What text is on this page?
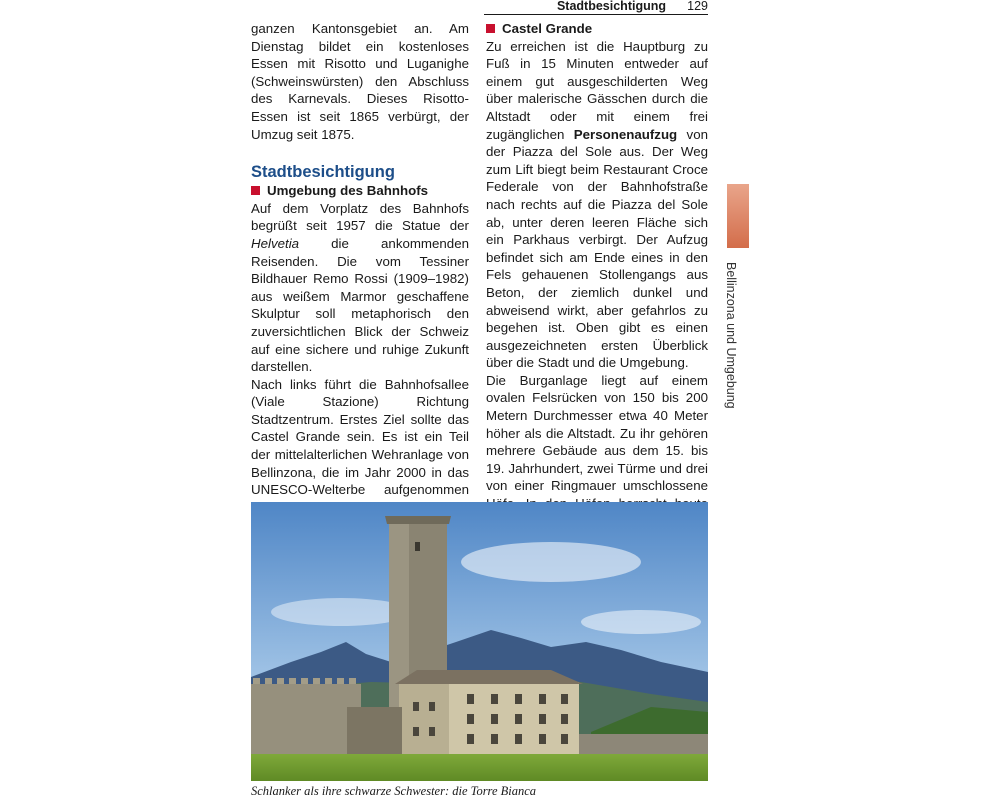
Stadtbesichtigung 129

ganzen Kantonsgebiet an. Am Dienstag bildet ein kostenloses Essen mit Risotto und Luganighe (Schweinswürsten) den Abschluss des Karnevals. Dieses Risotto-Essen ist seit 1865 verbürgt, der Umzug seit 1875.

Stadtbesichtigung
Umgebung des Bahnhofs

Auf dem Vorplatz des Bahnhofs begrüßt seit 1957 die Statue der Helvetia die ankommenden Reisenden. Die vom Tessiner Bildhauer Remo Rossi (1909–1982) aus weißem Marmor geschaffene Skulptur soll metaphorisch den zuversichtlichen Blick der Schweiz auf eine sichere und ruhige Zukunft darstellen.

Nach links führt die Bahnhofsallee (Viale Stazione) Richtung Stadtzentrum. Erstes Ziel sollte das Castel Grande sein. Es ist ein Teil der mittelalterlichen Wehranlage von Bellinzona, die im Jahr 2000 in das UNESCO-Welterbe aufgenommen

Castel Grande

Zu erreichen ist die Hauptburg zu Fuß in 15 Minuten entweder auf einem gut ausgeschilderten Weg über malerische Gässchen durch die Altstadt oder mit einem frei zugänglichen Personenaufzug von der Piazza del Sole aus. Der Weg zum Lift biegt beim Restaurant Croce Federale von der Bahnhofstraße nach rechts auf die Piazza del Sole ab, unter deren leeren Fläche sich ein Parkhaus verbirgt. Der Aufzug befindet sich am Ende eines in den Fels gehauenen Stollengangs aus Beton, der ziemlich dunkel und abweisend wirkt, aber gefahrlos zu begehen ist. Oben gibt es einen ausgezeichneten ersten Überblick über die Stadt und die Umgebung.

Die Burganlage liegt auf einem ovalen Felsrücken von 150 bis 200 Metern Durchmesser etwa 40 Meter höher als die Altstadt. Zu ihr gehören mehrere Gebäude aus dem 15. bis 19. Jahrhundert, zwei Türme und drei von einer Ringmauer umschlossene

Bellinzona und Umgebung
Schlanker als ihre schwarze Schwester: die Torre Bianca
